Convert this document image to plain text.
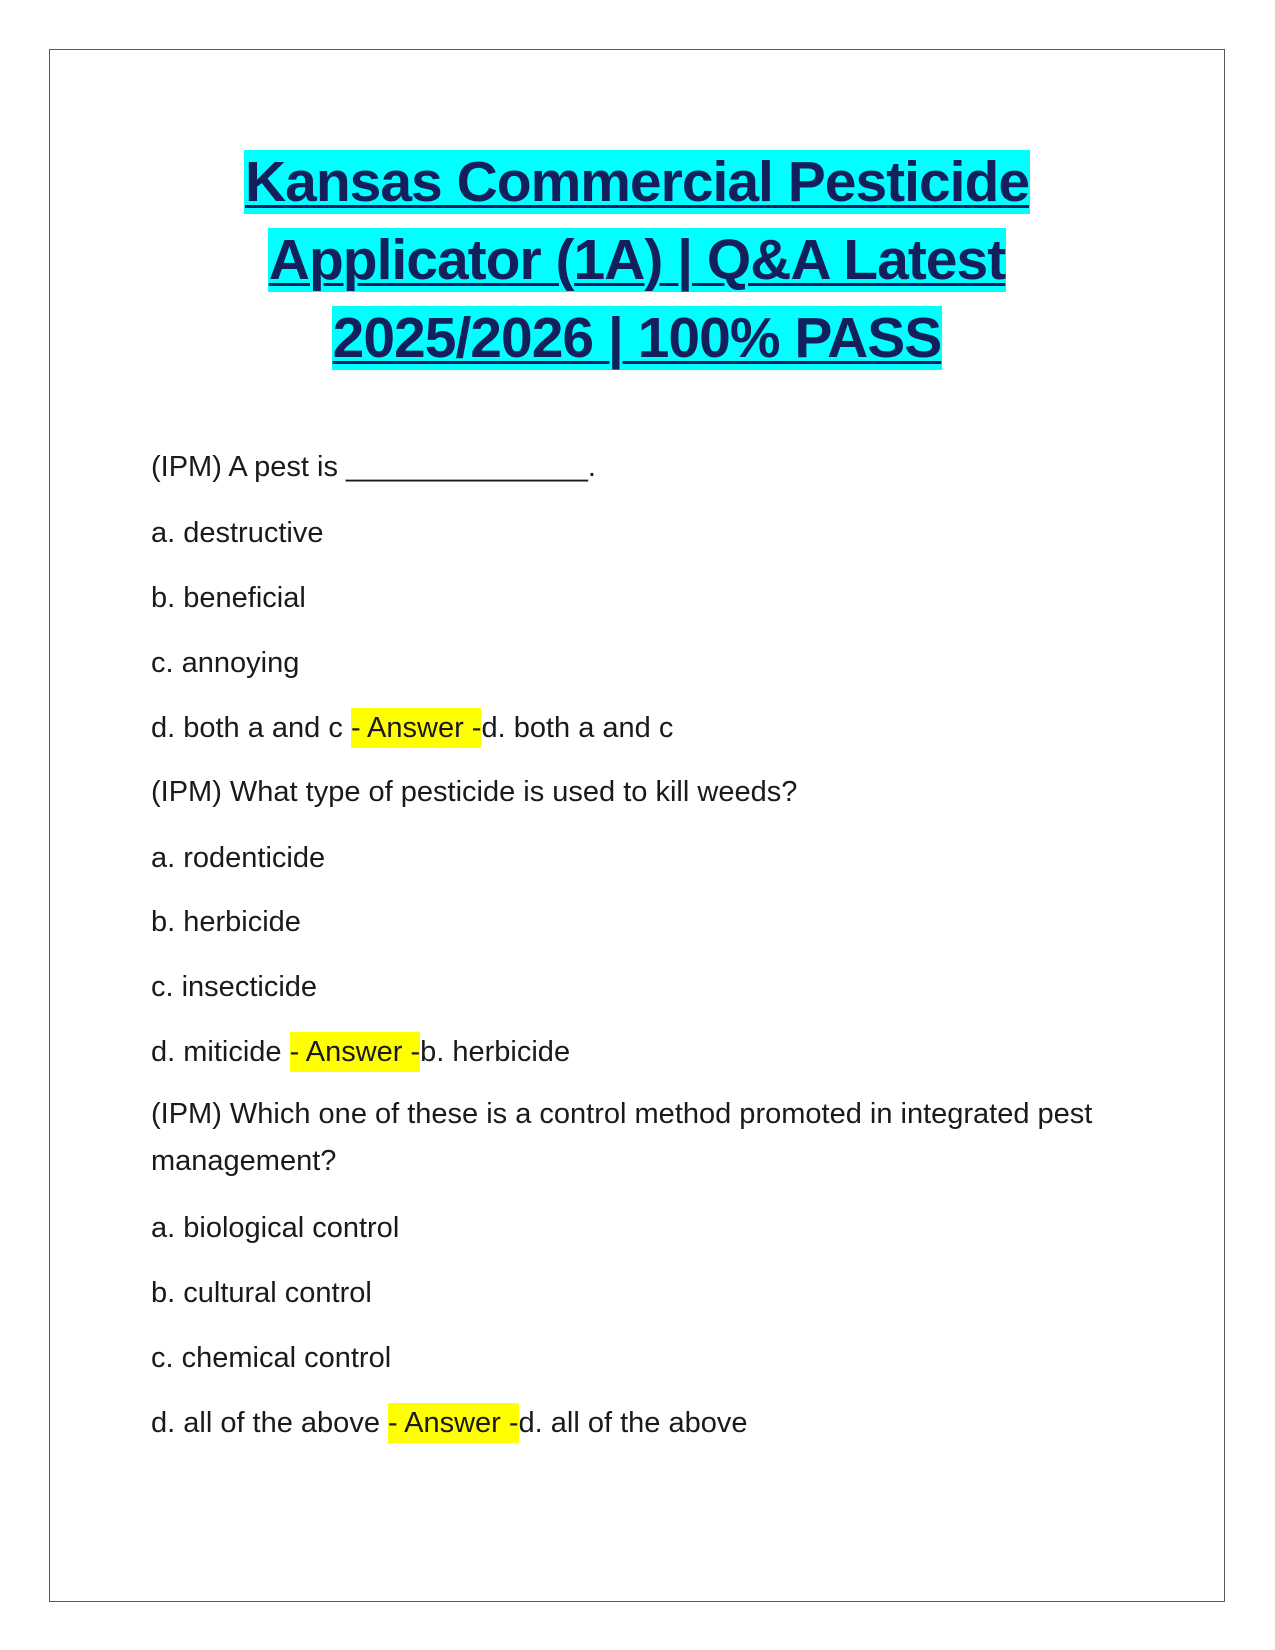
Kansas Commercial Pesticide
Applicator (1A) | Q&A Latest
2025/2026 | 100% PASS
(IPM) A pest is _______________.
a. destructive
b. beneficial
c. annoying
d. both a and c - Answer -d. both a and c
(IPM) What type of pesticide is used to kill weeds?
a. rodenticide
b. herbicide
c. insecticide
d. miticide - Answer -b. herbicide
(IPM) Which one of these is a control method promoted in integrated pest management?
a. biological control
b. cultural control
c. chemical control
d. all of the above - Answer -d. all of the above
